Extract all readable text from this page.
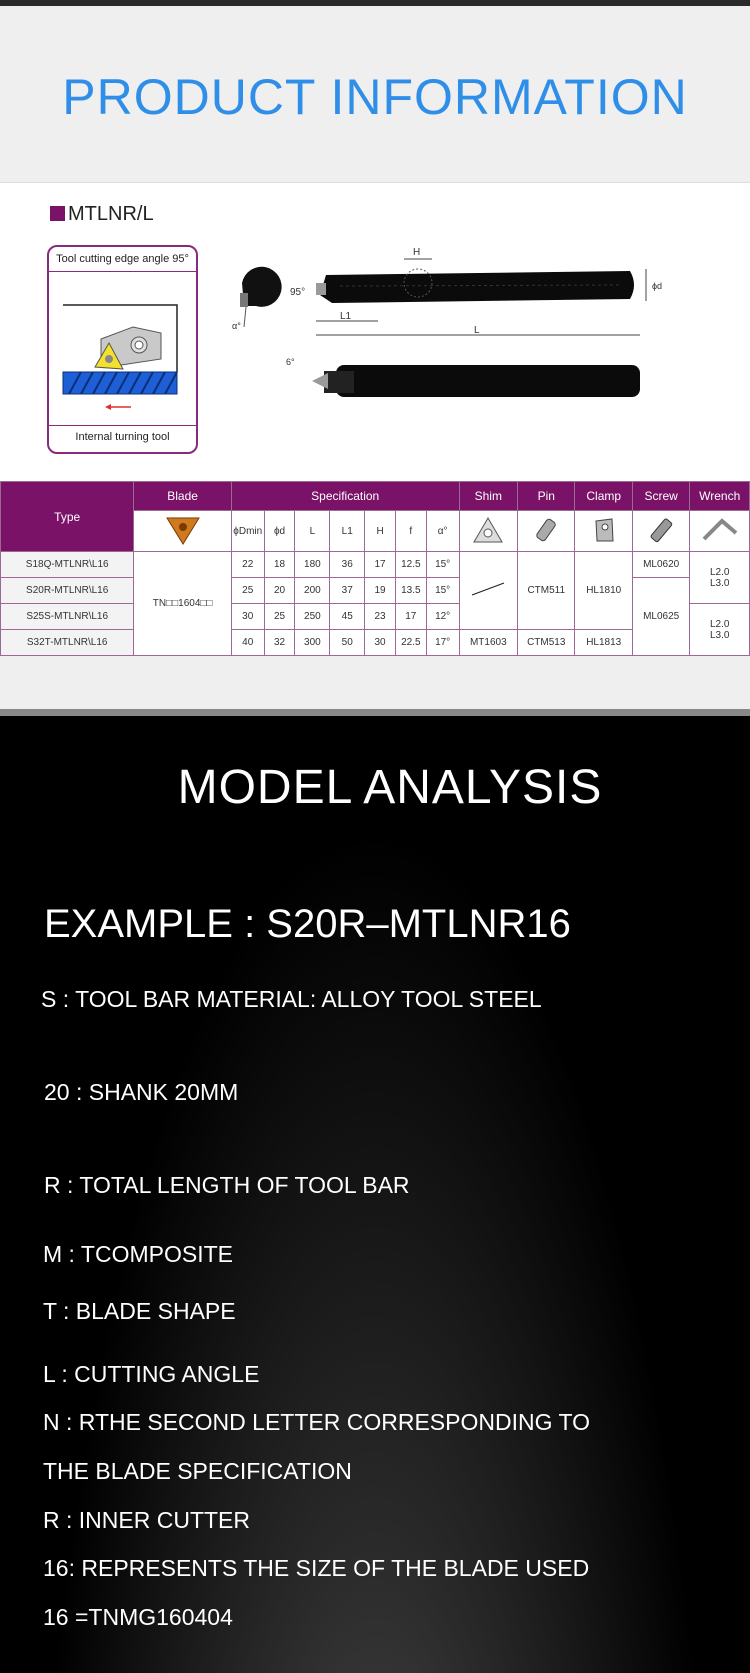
PRODUCT INFORMATION
MTLNR/L
Tool cutting edge angle 95°
Internal turning tool
α°
H
ϕd
95°
L1
L
6°
Type	Blade	Specification							Shim	Pin	Clamp	Screw	Wrench
	ϕDmin	ϕd	L	L1	H	f	α°					
S18Q-MTLNR\L16	TN□□1604□□	22	18	180	36	17	12.5	15°		CTM511	HL1810	ML0620	L2.0
L3.0

S20R-MTLNR\L16		25	20	200	37	19	13.5	15°				ML0625	
S25S-MTLNR\L16		30	25	250	45	23	17	12°					L2.0
L3.0

S32T-MTLNR\L16		40	32	300	50	30	22.5	17°	MT1603	CTM513	HL1813		
MODEL ANALYSIS
EXAMPLE : S20R–MTLNR16
S : TOOL BAR MATERIAL: ALLOY TOOL STEEL
20 : SHANK 20MM
R : TOTAL LENGTH OF TOOL BAR
M : TCOMPOSITE
T : BLADE SHAPE
L : CUTTING ANGLE
N : RTHE SECOND LETTER CORRESPONDING TO
THE BLADE SPECIFICATION
R : INNER CUTTER
16: REPRESENTS THE SIZE OF THE BLADE USED
16 =TNMG160404
